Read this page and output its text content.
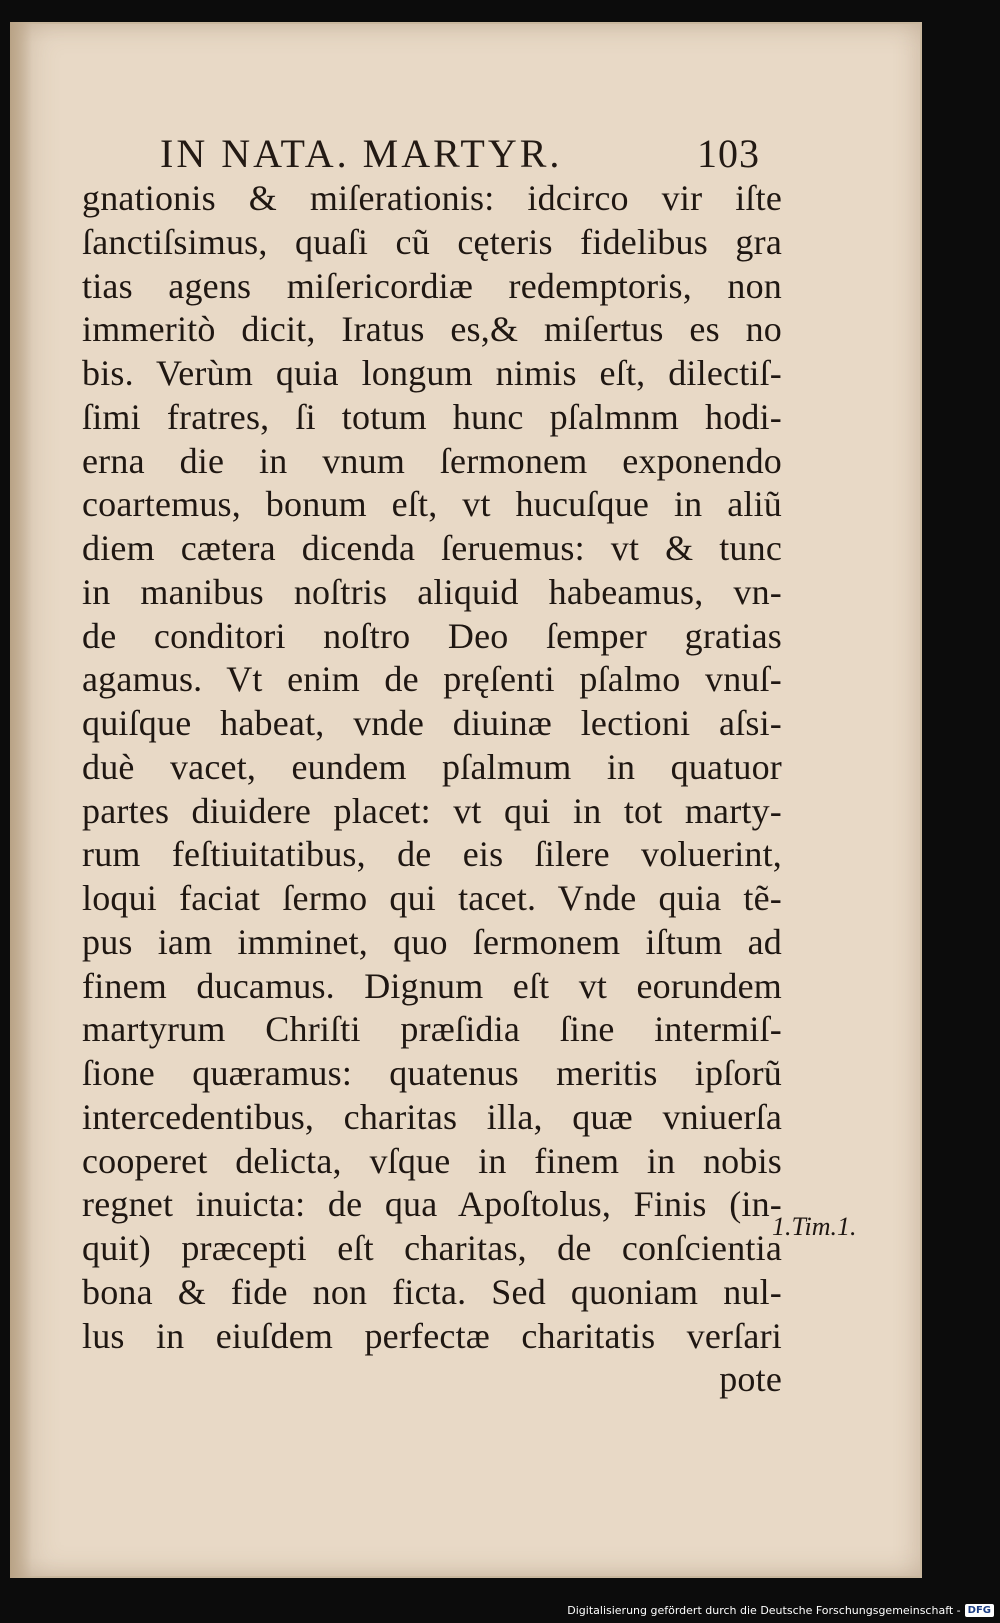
IN NATA. MARTYR.	103
gnationis & miſerationis: idcirco vir iſte
ſanctiſsimus, quaſi cũ cęteris fidelibus gra
tias agens miſericordiæ redemptoris, non
immeritò dicit, Iratus es,& miſertus es no
bis. Verùm quia longum nimis eſt, dilectiſ-
ſimi fratres, ſi totum hunc pſalmnm hodi-
erna die in vnum ſermonem exponendo
coartemus, bonum eſt, vt hucuſque in aliũ
diem cætera dicenda ſeruemus: vt & tunc
in manibus noſtris aliquid habeamus, vn-
de conditori noſtro Deo ſemper gratias
agamus. Vt enim de pręſenti pſalmo vnuſ-
quiſque habeat, vnde diuinæ lectioni aſsi-
duè vacet, eundem pſalmum in quatuor
partes diuidere placet: vt qui in tot marty-
rum feſtiuitatibus, de eis ſilere voluerint,
loqui faciat ſermo qui tacet. Vnde quia tẽ-
pus iam imminet, quo ſermonem iſtum ad
finem ducamus. Dignum eſt vt eorundem
martyrum Chriſti præſidia ſine intermiſ-
ſione quæramus: quatenus meritis ipſorũ
intercedentibus, charitas illa, quæ vniuerſa
cooperet delicta, vſque in finem in nobis
regnet inuicta: de qua Apoſtolus, Finis (in-
quit) præcepti eſt charitas, de conſcientia
bona & fide non ficta. Sed quoniam nul-
lus in eiuſdem perfectæ charitatis verſari
pote
1.Tim.1.
Digitalisierung gefördert durch die Deutsche Forschungsgemeinschaft - DFG
